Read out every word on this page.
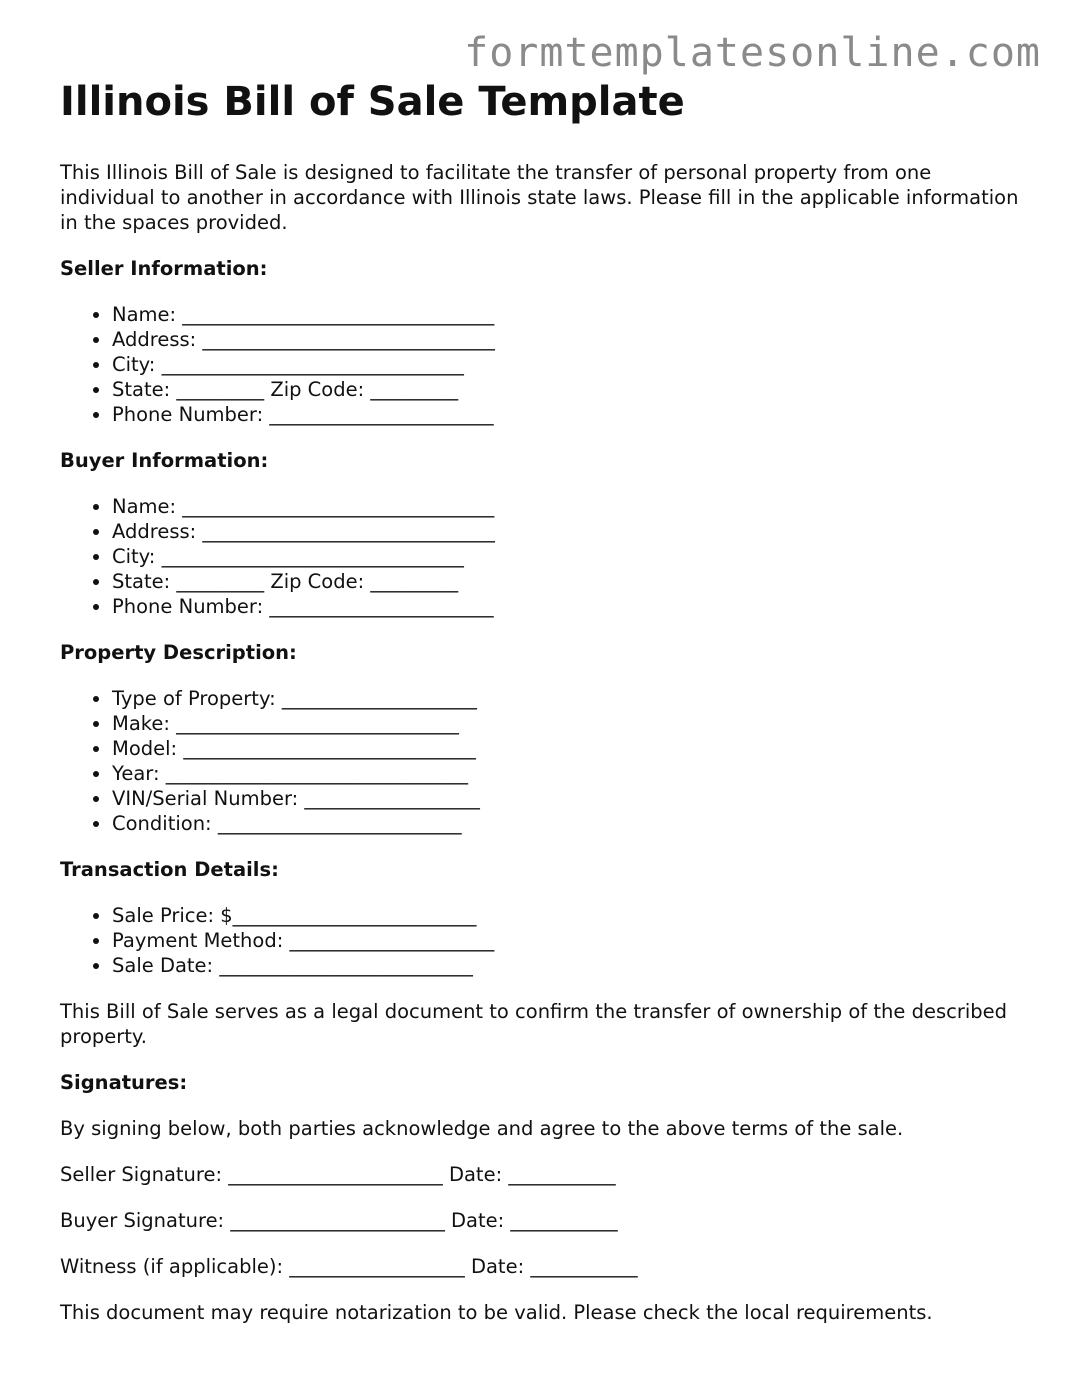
formtemplatesonline.com
Illinois Bill of Sale Template

This Illinois Bill of Sale is designed to facilitate the transfer of personal property from one individual to another in accordance with Illinois state laws. Please fill in the applicable information in the spaces provided.

Seller Information:

• Name: ________________________________
• Address: ______________________________
• City: _______________________________
• State: _________ Zip Code: _________
• Phone Number: _______________________

Buyer Information:

• Name: ________________________________
• Address: ______________________________
• City: _______________________________
• State: _________ Zip Code: _________
• Phone Number: _______________________

Property Description:

• Type of Property: ____________________
• Make: _____________________________
• Model: ______________________________
• Year: _______________________________
• VIN/Serial Number: __________________
• Condition: _________________________

Transaction Details:

• Sale Price: $_________________________
• Payment Method: _____________________
• Sale Date: __________________________

This Bill of Sale serves as a legal document to confirm the transfer of ownership of the described property.

Signatures:

By signing below, both parties acknowledge and agree to the above terms of the sale.

Seller Signature: ______________________ Date: ___________

Buyer Signature: ______________________ Date: ___________

Witness (if applicable): __________________ Date: ___________

This document may require notarization to be valid. Please check the local requirements.
